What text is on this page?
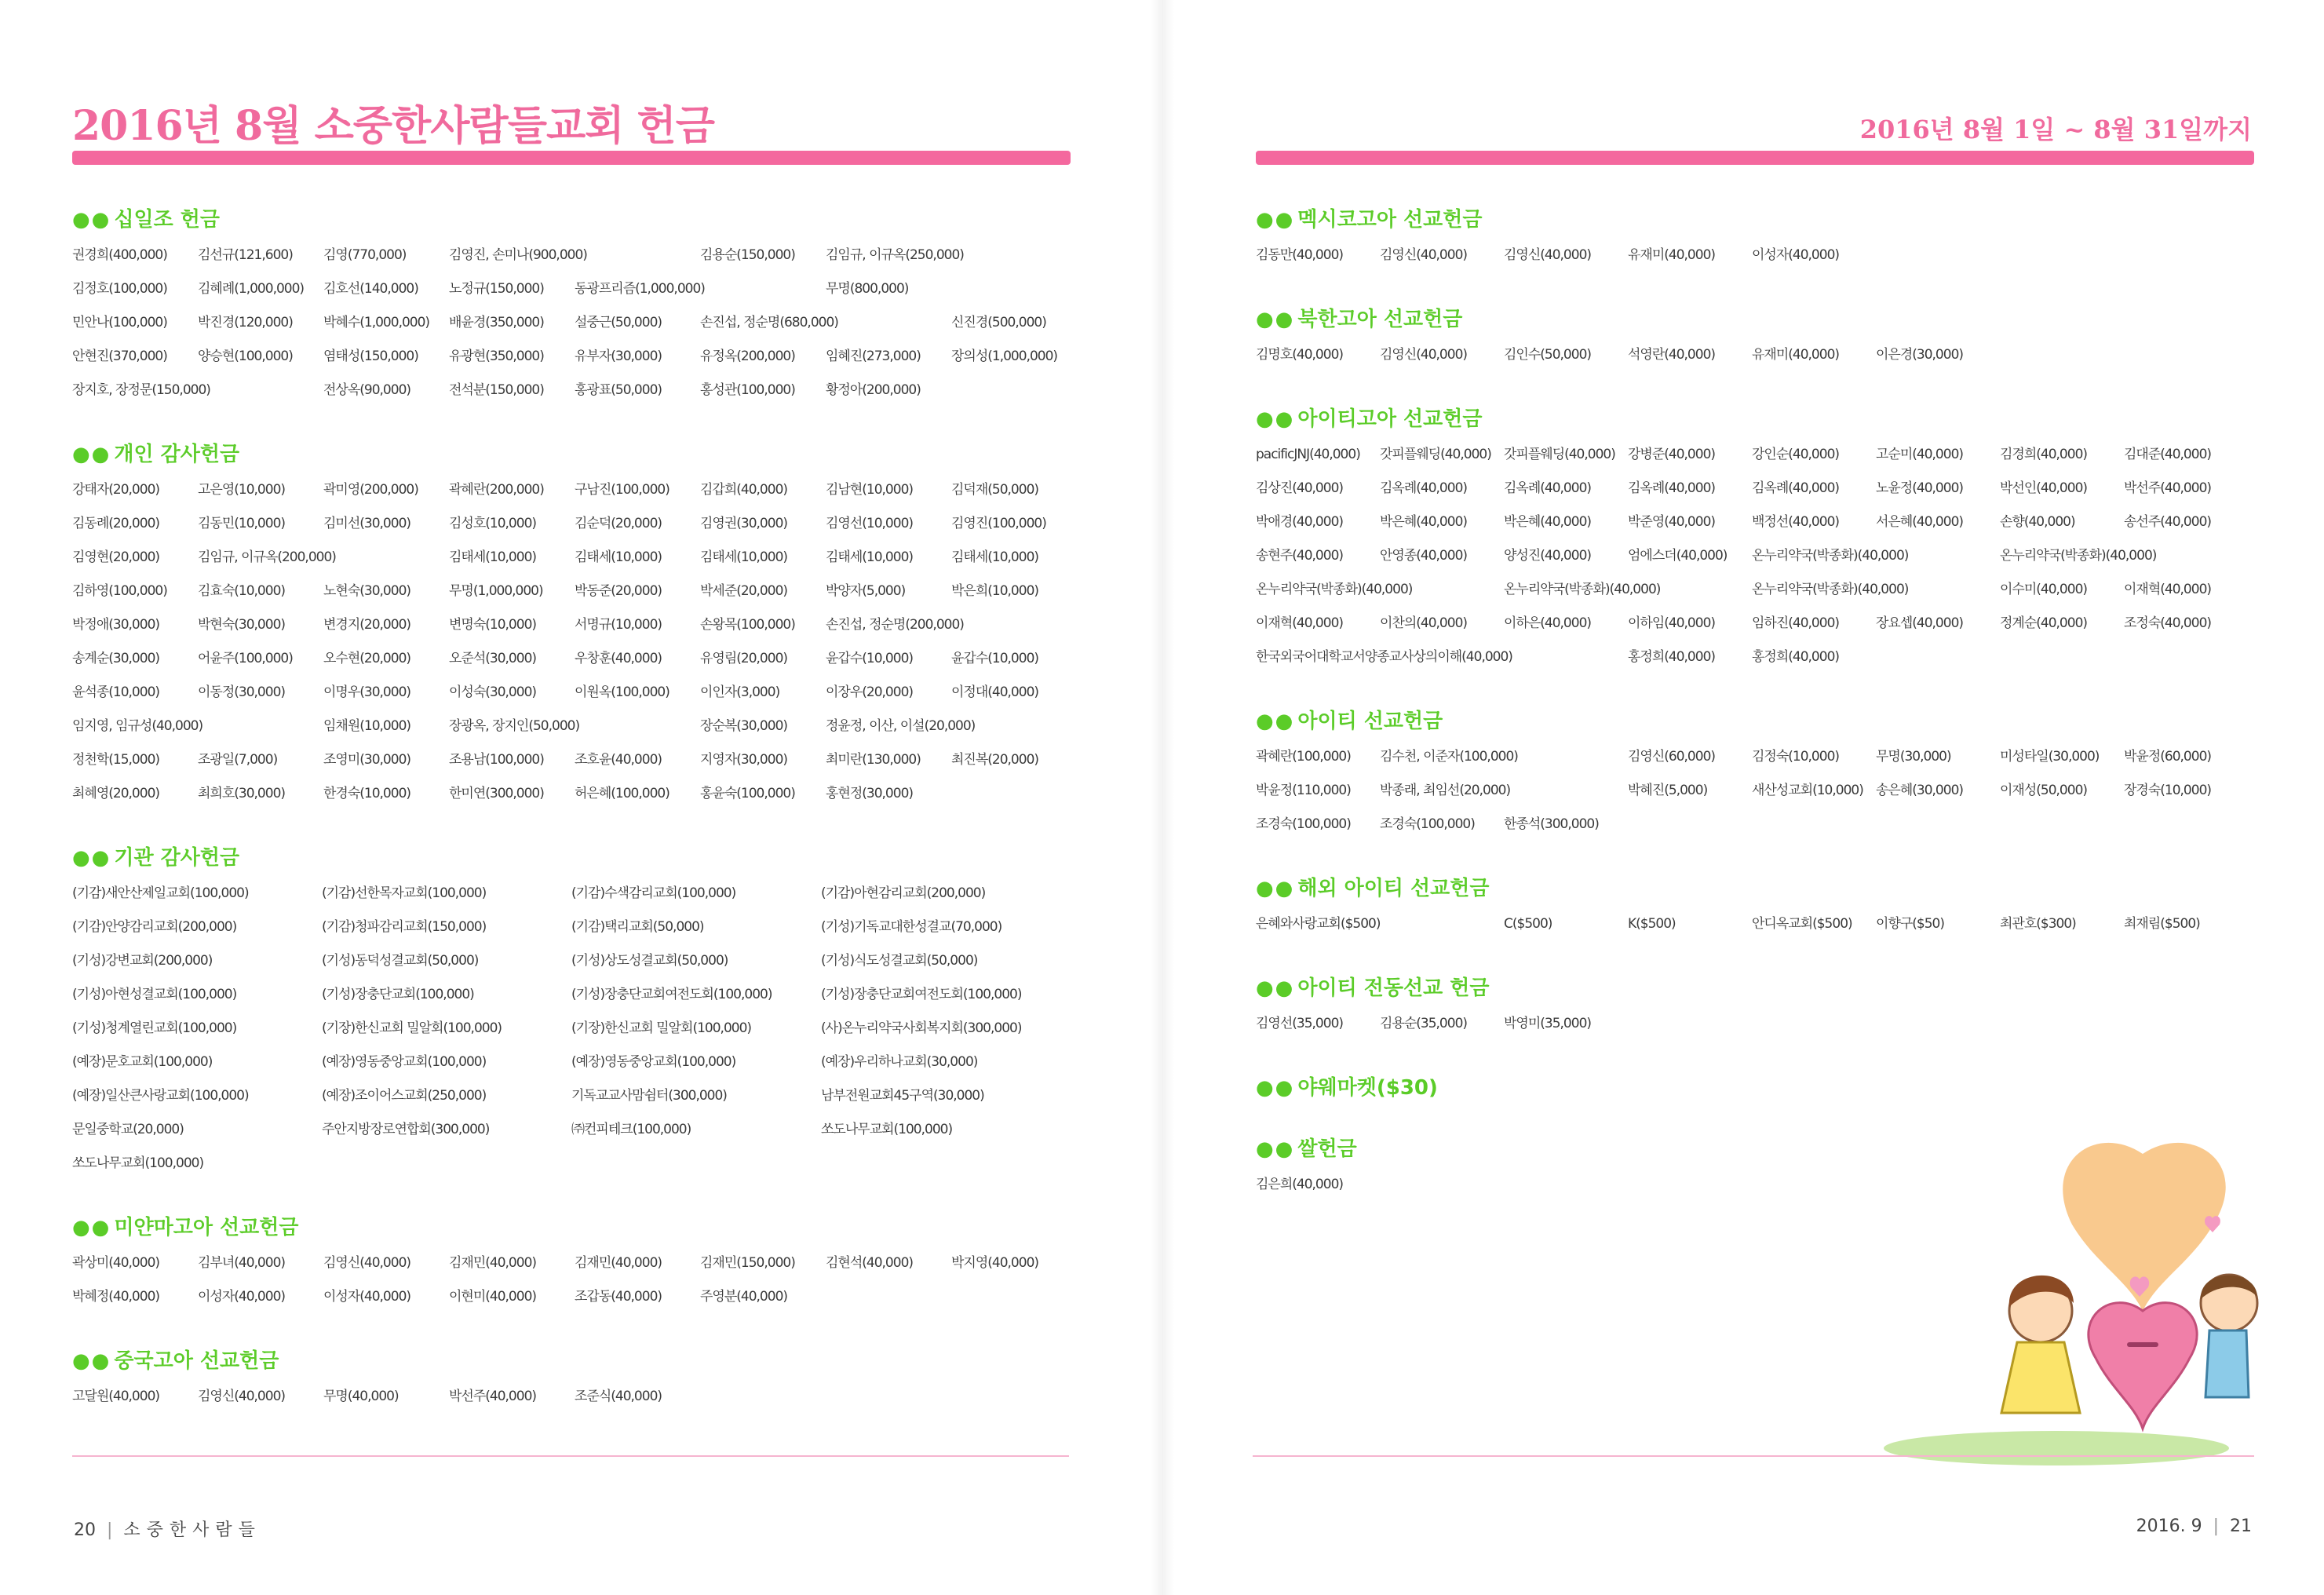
2016년 8월 소중한사람들교회 헌금
●● 십일조 헌금
권경희(400,000)	김선규(121,600)	김영(770,000)	김영진, 손미나(900,000)	김용순(150,000)	김임규, 이규옥(250,000)
김정호(100,000)	김혜례(1,000,000)	김호선(140,000)	노정규(150,000)	동광프리즘(1,000,000)	무명(800,000)
민안나(100,000)	박진경(120,000)	박혜수(1,000,000)	배윤경(350,000)	설중근(50,000)	손진섭, 정순명(680,000)	신진경(500,000)
안현진(370,000)	양승현(100,000)	염태성(150,000)	유광현(350,000)	유부자(30,000)	유정옥(200,000)	임혜진(273,000)	장의성(1,000,000)
장지호, 장정문(150,000)	전상옥(90,000)	전석분(150,000)	홍광표(50,000)	홍성관(100,000)	황정아(200,000)
●● 개인 감사헌금
강태자(20,000)	고은영(10,000)	곽미영(200,000)	곽혜란(200,000)	구남진(100,000)	김갑희(40,000)	김남현(10,000)	김덕재(50,000)
김동례(20,000)	김동민(10,000)	김미선(30,000)	김성호(10,000)	김순덕(20,000)	김영권(30,000)	김영선(10,000)	김영진(100,000)
김영현(20,000)	김임규, 이규옥(200,000)	김태세(10,000)	김태세(10,000)	김태세(10,000)	김태세(10,000)	김태세(10,000)
김하영(100,000)	김효숙(10,000)	노현숙(30,000)	무명(1,000,000)	박동준(20,000)	박세준(20,000)	박양자(5,000)	박은희(10,000)
박정애(30,000)	박현숙(30,000)	변경지(20,000)	변명숙(10,000)	서명규(10,000)	손왕목(100,000)	손진섭, 정순명(200,000)
송계순(30,000)	어윤주(100,000)	오수현(20,000)	오준석(30,000)	우창훈(40,000)	유영림(20,000)	윤갑수(10,000)	윤갑수(10,000)
윤석종(10,000)	이동정(30,000)	이명우(30,000)	이성숙(30,000)	이원옥(100,000)	이인자(3,000)	이장우(20,000)	이정대(40,000)
임지영, 임규성(40,000)	임채원(10,000)	장광옥, 장지인(50,000)	장순복(30,000)	정윤정, 이산, 이설(20,000)
정천학(15,000)	조광일(7,000)	조영미(30,000)	조용남(100,000)	조호윤(40,000)	지영자(30,000)	최미란(130,000)	최진복(20,000)
최혜영(20,000)	최희호(30,000)	한경숙(10,000)	한미연(300,000)	허은혜(100,000)	홍윤숙(100,000)	홍현정(30,000)
●● 기관 감사헌금
(기감)새안산제일교회(100,000)	(기감)선한목자교회(100,000)	(기감)수색감리교회(100,000)	(기감)아현감리교회(200,000)
(기감)안양감리교회(200,000)	(기감)청파감리교회(150,000)	(기감)택리교회(50,000)	(기성)기독교대한성결교(70,000)
(기성)강변교회(200,000)	(기성)동덕성결교회(50,000)	(기성)상도성결교회(50,000)	(기성)식도성결교회(50,000)
(기성)아현성결교회(100,000)	(기성)장충단교회(100,000)	(기성)장충단교회여전도회(100,000)	(기성)장충단교회여전도회(100,000)
(기성)청계열린교회(100,000)	(기장)한신교회 밀알회(100,000)	(기장)한신교회 밀알회(100,000)	(사)온누리약국사회복지회(300,000)
(예장)문호교회(100,000)	(예장)영동중앙교회(100,000)	(예장)영동중앙교회(100,000)	(예장)우리하나교회(30,000)
(예장)일산큰사랑교회(100,000)	(예장)조이어스교회(250,000)	기독교교사맘쉼터(300,000)	남부전원교회45구역(30,000)
문일중학교(20,000)	주안지방장로연합회(300,000)	㈜컨피테크(100,000)	쏘도나무교회(100,000)
쏘도나무교회(100,000)
●● 미얀마고아 선교헌금
곽상미(40,000)	김부녀(40,000)	김영신(40,000)	김재민(40,000)	김재민(40,000)	김재민(150,000)	김현석(40,000)	박지영(40,000)
박혜정(40,000)	이성자(40,000)	이성자(40,000)	이현미(40,000)	조갑동(40,000)	주영분(40,000)
●● 중국고아 선교헌금
고달원(40,000)	김영신(40,000)	무명(40,000)	박선주(40,000)	조준식(40,000)
20 | 소중한사람들
2016년 8월 1일 ~ 8월 31일까지
●● 멕시코고아 선교헌금
김동만(40,000)	김영신(40,000)	김영신(40,000)	유재미(40,000)	이성자(40,000)
●● 북한고아 선교헌금
김명호(40,000)	김영신(40,000)	김인수(50,000)	석영란(40,000)	유재미(40,000)	이은경(30,000)
●● 아이티고아 선교헌금
pacificJNJ(40,000)	갓피플웨딩(40,000) 갓피플웨딩(40,000) 강병준(40,000)	강인순(40,000)	고순미(40,000)	김경희(40,000)	김대준(40,000)
김상진(40,000)	김옥례(40,000)	김옥례(40,000)	김옥례(40,000)	김옥례(40,000)	노윤정(40,000)	박선인(40,000)	박선주(40,000)
박애경(40,000)	박은혜(40,000)	박은혜(40,000)	박준영(40,000)	백정선(40,000)	서은혜(40,000)	손향(40,000)	송선주(40,000)
송현주(40,000)	안영종(40,000)	양성진(40,000)	엄에스더(40,000)	온누리약국(박종화)(40,000)	온누리약국(박종화)(40,000)
온누리약국(박종화)(40,000)	온누리약국(박종화)(40,000)	온누리약국(박종화)(40,000)	이수미(40,000)	이재혁(40,000)
이재혁(40,000)	이찬의(40,000)	이하은(40,000)	이하임(40,000)	임하진(40,000)	장요셉(40,000)	정계순(40,000)	조정숙(40,000)
한국외국어대학교서양종교사상의이해(40,000)	홍정희(40,000)	홍정희(40,000)
●● 아이티 선교헌금
곽혜란(100,000)	김수천, 이준자(100,000)	김영신(60,000)	김정숙(10,000)	무명(30,000)	미성타일(30,000)	박윤정(60,000)
박윤정(110,000)	박종래, 최임선(20,000)	박혜진(5,000)	새산성교회(10,000) 송은혜(30,000)	이재성(50,000)	장경숙(10,000)
조경숙(100,000)	조경숙(100,000)	한종석(300,000)
●● 해외 아이티 선교헌금
은혜와사랑교회($500)	C($500)	K($500)	안디옥교회($500)	이향구($50)	최관호($300)	최재림($500)
●● 아이티 전동선교 헌금
김영선(35,000)	김용순(35,000)	박영미(35,000)
●● 야웨마켓($30)
●● 쌀헌금
김은희(40,000)
2016. 9 | 21
